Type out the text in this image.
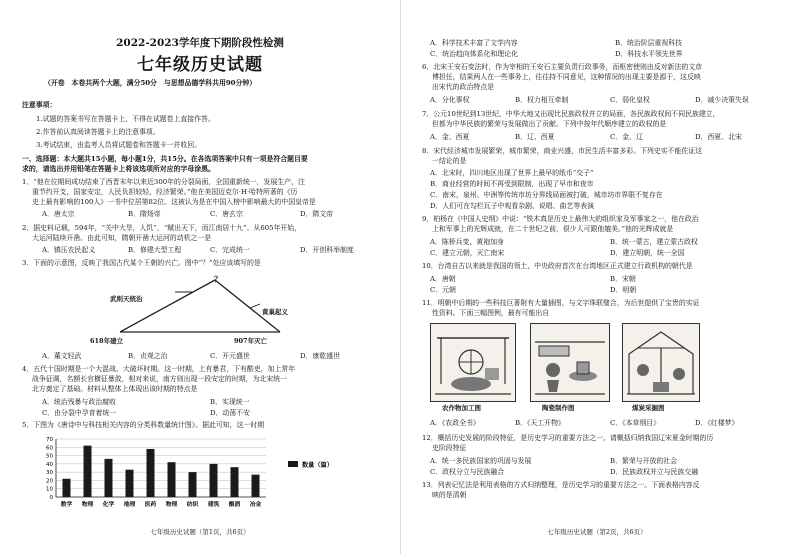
2022-2023学年度下期阶段性检测
七年级历史试题
（开卷　本卷共两个大题，满分50分　与思想品德学科共用90分钟）
注意事项：
1.试题的答案书写在答题卡上，不得在试题卷上直接作答。
2.作答前认真阅读答题卡上的注意事项。
3.考试结束，由监考人员将试题卷和答题卡一并收回。
一、选择题：本大题共15小题，每小题1分，共15分。在各选项答案中只有一项是符合题目要
求的，请选出并用铅笔在答题卡上将该选项所对应的字母涂黑。
1．“他在位期间成功结束了西晋末年以来近300年的分裂局面，全国重新统一，发展生产，注
重节约开支，国家安定，人民负担较轻，经济繁荣。”他在美国迈克尔·H·哈特所著的《历
史上最有影响的100人》一书中位居第82位。这被认为是在中国入榜中影响最大的中国皇帝是
A．唐太宗	B．隋炀帝	C．唐玄宗	D．隋文帝
2．据史料记载，594年，“关中大旱，人饥”，“赋出天下，而江南居十九”。从605年开始，
大运河陆续开凿。由此可知，隋朝开凿大运河的动机之一是
A．镇压农民起义	B．修建大型工程	C．完成统一	D．开创科举制度
3．下面的示意图，反映了我国古代某个王朝的兴亡。图中“？”处应该填写的是
武则天统治
？
黄巢起义
618年建立	907年灭亡
A．董文轻武	B．贞观之治	C．开元盛世	D．康乾盛世
4．五代十国时期是一个大混战、大破坏时期。这一时期，上有暴君，下有酷吏，加上常年
战争征调，名额长官横征暴敛，相对来说，南方则出现一段安定的时期，为北宋统一
北方奠定了基础。材料从整体上体现出该时期的特点是
A．统治残暴与政治腐败	B．实现统一
C．由分裂中孕育着统一	D．动荡不安
5．下图为《唐诗中与科技相关内容的分类科数量统计图》。据此可知，这一时期
70
60
50
40
30
20
10
0
数学 物理 化学 地理 医药 物理 纺织 建筑 酿酒 冶金
数量（篇）
七年级历史试题（第1页，共6页）
A．科学技术丰富了文学内容	B．统治阶层重视科技
C．统治趋向体系化和理论化	D．科技水平领先世界
6．北宋王安石变法时，作为宰相的王安石主要负责行政事务，而枢密使则由反对新法的文彦
博担任，结果两人在一些事务上，往往持不同意见，这种情况的出现主要是源于，这反映
出宋代的政治特点是
A．分化事权	B．权力相互牵制	C．弱化皇权	D．减少决策失误
7．公元10世纪到13世纪，中华大地又出现比民族政权并立的局面，各民族政权间不同民族建立，
但都为中华民族的繁荣与发展做出了贡献。下列中按年代顺序建立的政权的是
A．金、西夏	B．辽、西夏	C．金、辽	D．西夏、北宋
8．宋代经济城市发展繁荣，城市繁荣，商业兴盛，市民生活丰富多彩。下列史实不能佐证这
一结论的是
A．北宋时，四川地区出现了世界上最早的纸币“交子”
B．商业经营的时间不再受到限制，出现了早市和夜市
C．南宋，泉州、中洲等传统市坊分界线局面被打破，城市坊市界限不复存在
D．人们可在勾栏瓦子中观看杂剧、说唱、曲艺等表演
9．柏杨在《中国人史纲》中说：“铁木真是历史上最伟大的组织家及军事家之一，他在政治
上和军事上的光辉成就，在二十世纪之前，很少人可跟他媲美。”他的光辉成就是
A．陈桥兵变，黄袍加身	B．统一蒙古，建立蒙古政权
C．建立元朝，灭亡南宋	D．建立明朝，统一全国
10．台湾自古以来就是我国的领土，中央政府首次在台湾地区正式建立行政机构的朝代是
A．唐朝	B．宋朝
C．元朝	D．明朝
11．明朝中后期的一些科技巨著附有大量插图，与文字珠联璧合，为后世提供了宝贵的实证
性资料。下面三幅图例，最有可能出自
农作物加工图	陶瓷制作图	煤炭采掘图
A．《农政全书》	B．《天工开物》	C．《本草纲目》	D．《红楼梦》
12．概括历史发展的阶段特征，是历史学习的重要方法之一。请概括归纳我国辽宋夏金时期的历
史阶段特征
A．统一多民族国家的巩固与发展	B．繁荣与开放的社会
C．政权分立与民族融合	D．民族政权并立与民族交融
13．列表记忆法是利用表格的方式归纳整理，是历史学习的重要方法之一。下面表格内容反
映的是清朝
七年级历史试题（第2页，共6页）
